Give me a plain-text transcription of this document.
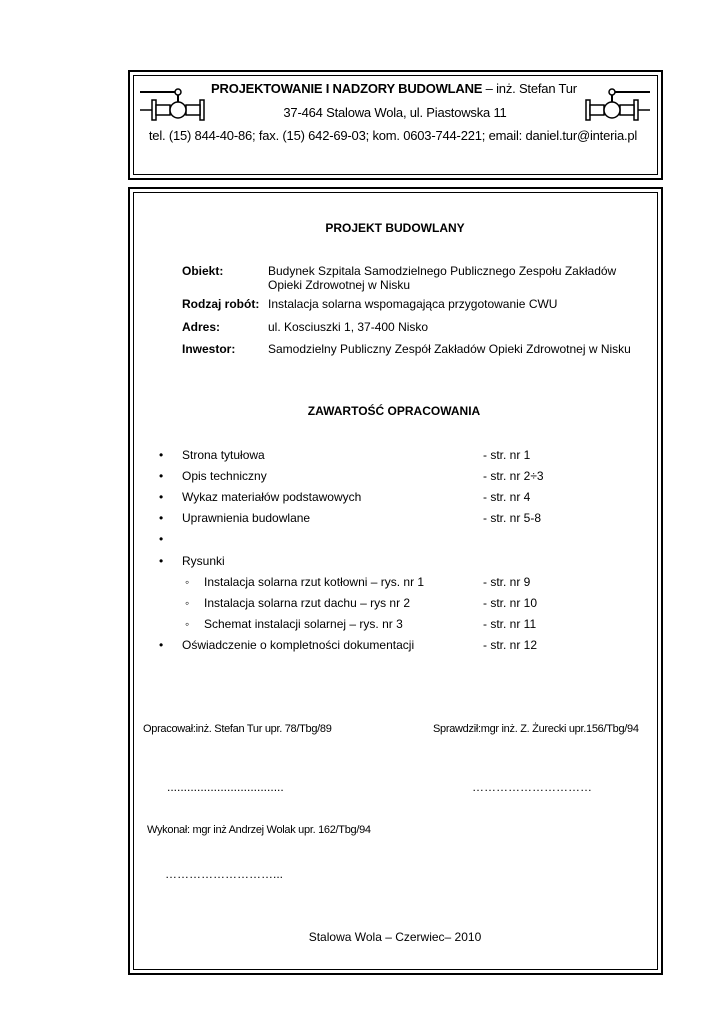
PROJEKTOWANIE I NADZORY BUDOWLANE – inż. Stefan Tur
37-464 Stalowa Wola, ul. Piastowska 11
tel. (15) 844-40-86; fax. (15) 642-69-03; kom. 0603-744-221; email: daniel.tur@interia.pl
PROJEKT BUDOWLANY
Obiekt:	Budynek Szpitala Samodzielnego Publicznego Zespołu Zakładów
Opieki Zdrowotnej w Nisku
Rodzaj robót: Instalacja solarna wspomagająca przygotowanie CWU
Adres:	ul. Kosciuszki 1, 37-400 Nisko
Inwestor:	Samodzielny Publiczny Zespół Zakładów Opieki Zdrowotnej w Nisku
ZAWARTOŚĆ OPRACOWANIA
• Strona tytułowa	- str. nr 1
• Opis techniczny	- str. nr 2÷3
• Wykaz materiałów podstawowych	- str. nr 4
• Uprawnienia budowlane	- str. nr 5-8
•
• Rysunki
◦ Instalacja solarna rzut kotłowni – rys. nr 1	- str. nr 9
◦ Instalacja solarna rzut dachu – rys nr 2	- str. nr 10
◦ Schemat instalacji solarnej – rys. nr 3	- str. nr 11
• Oświadczenie o kompletności dokumentacji	- str. nr 12
Opracował:inż. Stefan Tur upr. 78/Tbg/89	Sprawdził:mgr inż. Z. Żurecki upr.156/Tbg/94
...................................	…………………………
Wykonał: mgr inż Andrzej Wolak upr. 162/Tbg/94
………………………...
Stalowa Wola – Czerwiec– 2010
